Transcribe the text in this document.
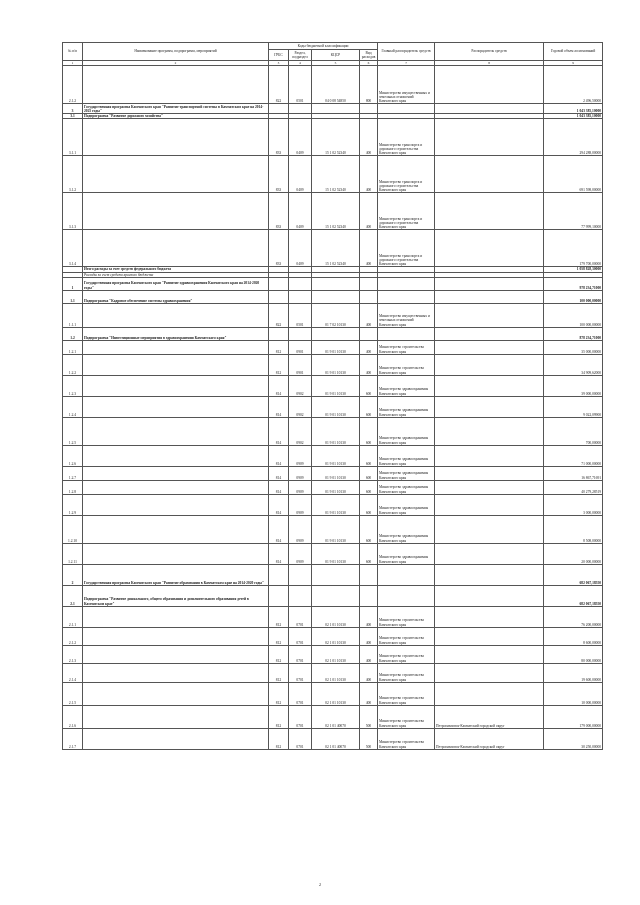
№ п/п	Наименование программ, подпрограмм, мероприятий	Коды бюджетной классификации				Главный распорядитель средств	Распорядитель средств	Годовой объем ассигнований
		ГРБС	Раздел, подраздел	КЦСР	Вид расходов			
1	2	3	4	5	6	7	8	9
2.1.2		822	0501	04 0 08 54850	800	Министерство имущественных и земельных отношений Камчатского края		2 496,50000
3	Государственная программа Камчатского края "Развитие транспортной системы в Камчатском крае на 2014-2025 годы"							1 043 385,10000
3.1	Подпрограмма "Развитие дорожного хозяйства"							1 043 385,10000
3.1.1		833	0409	15 1 02 52340	400	Министерство транспорта и дорожного строительства Камчатского края		294 288,00000
3.1.2		833	0409	15 1 02 52340	400	Министерство транспорта и дорожного строительства Камчатского края		691 598,00000
3.1.3		833	0409	15 1 02 52340	400	Министерство транспорта и дорожного строительства Камчатского края		77 999,10000
3.1.4		833	0409	15 1 02 52340	400	Министерство транспорта и дорожного строительства Камчатского края		179 700,00000
	Итого расходы за счет средств федерального бюджета							1 058 828,30000
	Расходы за счет средств краевого бюджета							
1	Государственная программа Камчатского края "Развитие здравоохранения Камчатского края на 2014-2020 годы"							978 234,71000
1.1	Подпрограмма "Кадровое обеспечение системы здравоохранения"							100 000,00000
1.1.1		822	0501	01 7 02 10130	400	Министерство имущественных и земельных отношений Камчатского края		100 000,00000
1.2	Подпрограмма "Инвестиционные мероприятия в здравоохранении Камчатского края"							878 234,71000
1.2.1		812	0901	01 9 01 10130	400	Министерство строительства Камчатского края		35 000,00000
1.2.2		812	0901	01 9 01 10130	400	Министерство строительства Камчатского края		34 909,62000
1.2.3		814	0902	01 9 01 10130	600	Министерство здравоохранения Камчатского края		39 000,00000
1.2.4		814	0902	01 9 01 10130	600	Министерство здравоохранения Камчатского края		9 022,09900
1.2.5		814	0902	01 9 01 10130	600	Министерство здравоохранения Камчатского края		700,00000
1.2.6		814	0909	01 9 01 10130	600	Министерство здравоохранения Камчатского края		71 000,00000
1.2.7		814	0909	01 9 01 10130	600	Министерство здравоохранения Камчатского края		16 867,71691
1.2.8		814	0909	01 9 01 10130	600	Министерство здравоохранения Камчатского края		40 279,28519
1.2.9		814	0909	01 9 01 10130	600	Министерство здравоохранения Камчатского края		3 000,00000
1.2.10		814	0909	01 9 01 10130	600	Министерство здравоохранения Камчатского края		8 508,00000
1.2.11		814	0909	01 9 01 10130	600	Министерство здравоохранения Камчатского края		20 000,00000
2	Государственная программа Камчатского края "Развитие образования в Камчатском крае на 2014-2020 годы"							682 067,18550
2.1	Подпрограмма "Развитие дошкольного, общего образования и дополнительного образования детей в Камчатском крае"							682 067,18550
2.1.1		812	0701	02 1 01 10130	400	Министерство строительства Камчатского края		76 200,00000
2.1.2		812	0701	02 1 01 10130	400	Министерство строительства Камчатского края		8 600,00000
2.1.3		812	0701	02 1 01 10130	400	Министерство строительства Камчатского края		80 000,00000
2.1.4		812	0701	02 1 01 10130	400	Министерство строительства Камчатского края		19 600,00000
2.1.5		812	0701	02 1 01 10130	400	Министерство строительства Камчатского края		10 000,00000
2.1.6		812	0701	02 1 01 40070	500	Министерство строительства Камчатского края	Петропавловск-Камчатский городской округ	179 000,00000
2.1.7		812	0701	02 1 01 40070	500	Министерство строительства Камчатского края	Петропавловск-Камчатский городской округ	30 250,00000
2
